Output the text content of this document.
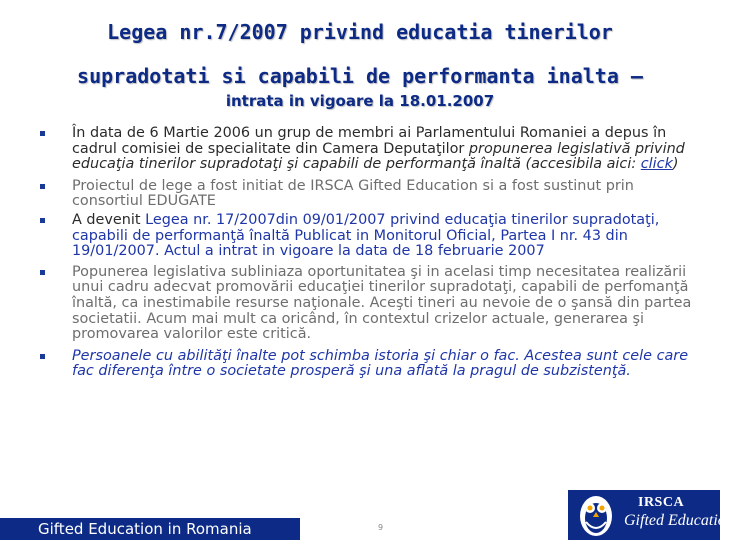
Legea nr.7/2007 privind educatia tinerilor
supradotati si capabili de performanta inalta –
intrata in vigoare la 18.01.2007
În data de 6 Martie 2006 un grup de membri ai Parlamentului Romaniei a depus în cadrul comisiei de specialitate din Camera Deputaţilor propunerea legislativă privind educaţia tinerilor supradotaţi şi capabili de performanţă înaltă (accesibila aici: click)
Proiectul de lege a fost initiat de IRSCA Gifted Education si a fost sustinut prin consortiul EDUGATE
A devenit Legea nr. 17/2007din 09/01/2007 privind educaţia tinerilor supradotaţi, capabili de performanţă înaltă Publicat in Monitorul Oficial, Partea I nr. 43 din 19/01/2007. Actul a intrat in vigoare la data de 18 februarie 2007
Popunerea legislativa subliniaza oportunitatea şi in acelasi timp necesitatea realizării unui cadru adecvat promovării educaţiei tinerilor supradotaţi, capabili de perfomanţă înaltă, ca inestimabile resurse naţionale. Aceşti tineri au nevoie de o şansă din partea societatii. Acum mai mult ca oricând, în contextul crizelor actuale, generarea şi promovarea valorilor este critică.
Persoanele cu abilităţi înalte pot schimba istoria şi chiar o fac. Acestea sunt cele care fac diferenţa între o societate prosperă şi una aflată la pragul de subzistenţă.
Gifted Education in Romania	9
IRSCA
Gifted Education
